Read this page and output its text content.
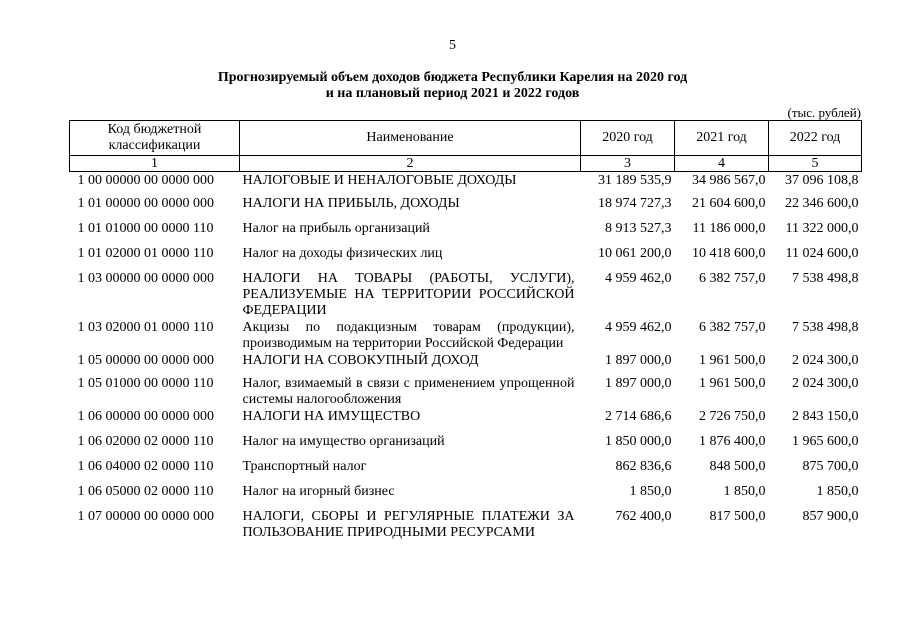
5
Прогнозируемый объем доходов бюджета Республики Карелия на 2020 год
и на плановый период 2021 и 2022 годов
(тыс. рублей)
Код бюджетной классификации	Наименование	2020 год	2021 год	2022 год
1	2	3	4	5
1 00 00000 00 0000 000	НАЛОГОВЫЕ И НЕНАЛОГОВЫЕ ДОХОДЫ	31 189 535,9	34 986 567,0	37 096 108,8
1 01 00000 00 0000 000	НАЛОГИ НА ПРИБЫЛЬ, ДОХОДЫ	18 974 727,3	21 604 600,0	22 346 600,0
1 01 01000 00 0000 110	Налог на прибыль организаций	8 913 527,3	11 186 000,0	11 322 000,0
1 01 02000 01 0000 110	Налог на доходы физических лиц	10 061 200,0	10 418 600,0	11 024 600,0
1 03 00000 00 0000 000	НАЛОГИ НА ТОВАРЫ (РАБОТЫ, УСЛУГИ), РЕАЛИЗУЕМЫЕ НА ТЕРРИТОРИИ РОССИЙСКОЙ ФЕДЕРАЦИИ	4 959 462,0	6 382 757,0	7 538 498,8
1 03 02000 01 0000 110	Акцизы по подакцизным товарам (продукции), производимым на территории Российской Федерации	4 959 462,0	6 382 757,0	7 538 498,8
1 05 00000 00 0000 000	НАЛОГИ НА СОВОКУПНЫЙ ДОХОД	1 897 000,0	1 961 500,0	2 024 300,0
1 05 01000 00 0000 110	Налог, взимаемый в связи с применением упрощенной системы налогообложения	1 897 000,0	1 961 500,0	2 024 300,0
1 06 00000 00 0000 000	НАЛОГИ НА ИМУЩЕСТВО	2 714 686,6	2 726 750,0	2 843 150,0
1 06 02000 02 0000 110	Налог на имущество организаций	1 850 000,0	1 876 400,0	1 965 600,0
1 06 04000 02 0000 110	Транспортный налог	862 836,6	848 500,0	875 700,0
1 06 05000 02 0000 110	Налог на игорный бизнес	1 850,0	1 850,0	1 850,0
1 07 00000 00 0000 000	НАЛОГИ, СБОРЫ И РЕГУЛЯРНЫЕ ПЛАТЕЖИ ЗА ПОЛЬЗОВАНИЕ ПРИРОДНЫМИ РЕСУРСАМИ	762 400,0	817 500,0	857 900,0
